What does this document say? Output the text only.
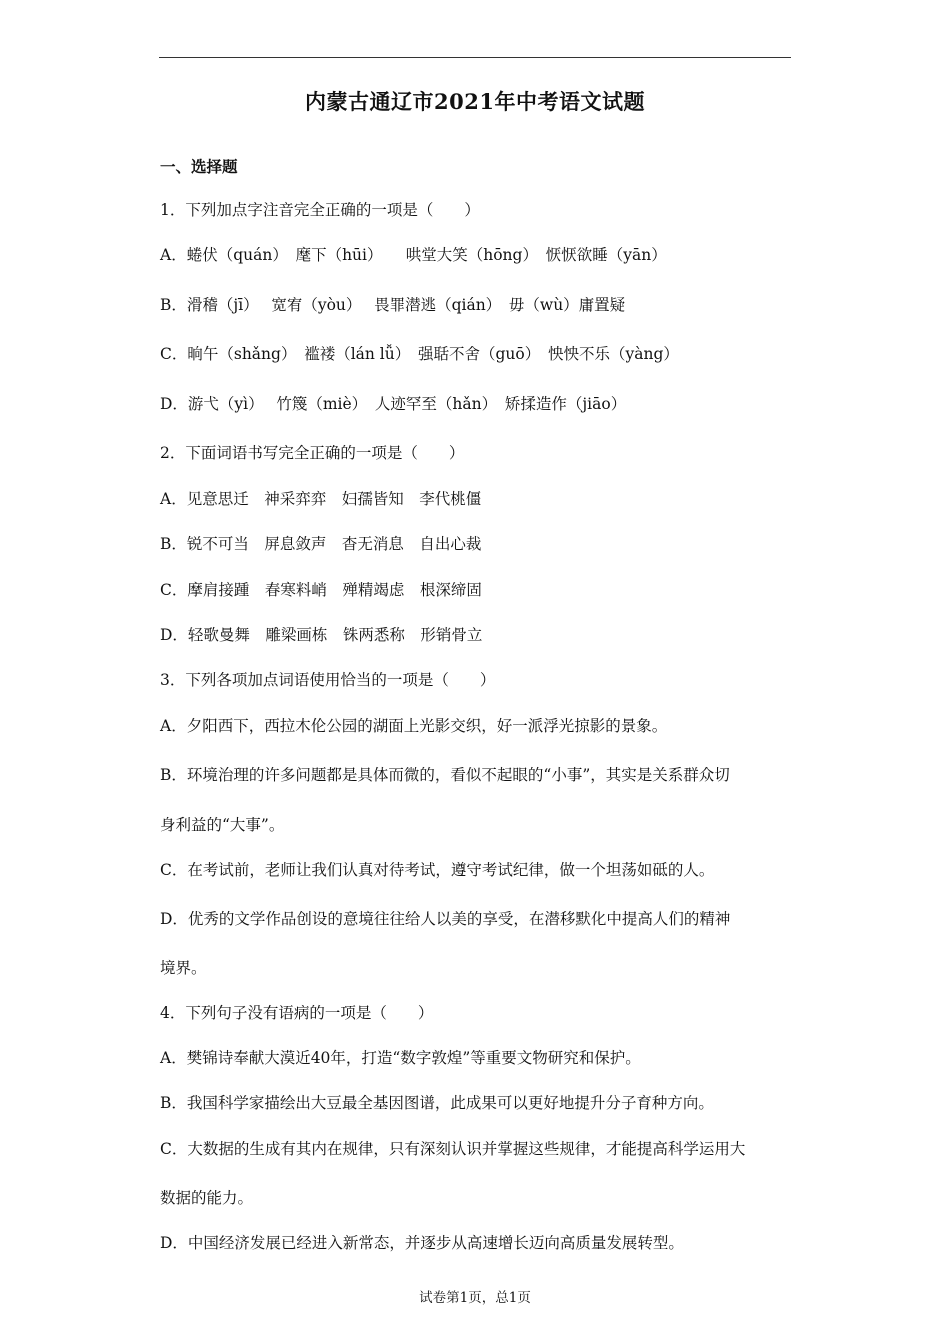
内蒙古通辽市2021年中考语文试题
一、选择题
1．下列加点字注音完全正确的一项是（　　）
A．蜷伏（quán）　麾下（hūi）　　哄堂大笑（hōng）　恹恹欲睡（yān）
B．滑稽（jī）　 宽宥（yòu）　 畏罪潜逃（qián）　毋（wù）庸置疑
C．晌午（shǎng）　褴褛（lán lǚ）　强聒不舍（guō）　怏怏不乐（yàng）
D．游弋（yì）　 竹篾（miè）　人迹罕至（hǎn）　矫揉造作（jiāo）
2．下面词语书写完全正确的一项是（　　）
A．见意思迁　神采弈弈　妇孺皆知　李代桃僵
B．锐不可当　屏息敛声　杳无消息　自出心裁
C．摩肩接踵　春寒料峭　殚精竭虑　根深缔固
D．轻歌曼舞　雕梁画栋　铢两悉称　形销骨立
3．下列各项加点词语使用恰当的一项是（　　）
A．夕阳西下，西拉木伦公园的湖面上光影交织，好一派浮光掠影的景象。
B．环境治理的许多问题都是具体而微的，看似不起眼的“小事”，其实是关系群众切
身利益的“大事”。
C．在考试前，老师让我们认真对待考试，遵守考试纪律，做一个坦荡如砥的人。
D．优秀的文学作品创设的意境往往给人以美的享受，在潜移默化中提高人们的精神
境界。
4．下列句子没有语病的一项是（　　）
A．樊锦诗奉献大漠近40年，打造“数字敦煌”等重要文物研究和保护。
B．我国科学家描绘出大豆最全基因图谱，此成果可以更好地提升分子育种方向。
C．大数据的生成有其内在规律，只有深刻认识并掌握这些规律，才能提高科学运用大
数据的能力。
D．中国经济发展已经进入新常态，并逐步从高速增长迈向高质量发展转型。
试卷第1页，总1页
